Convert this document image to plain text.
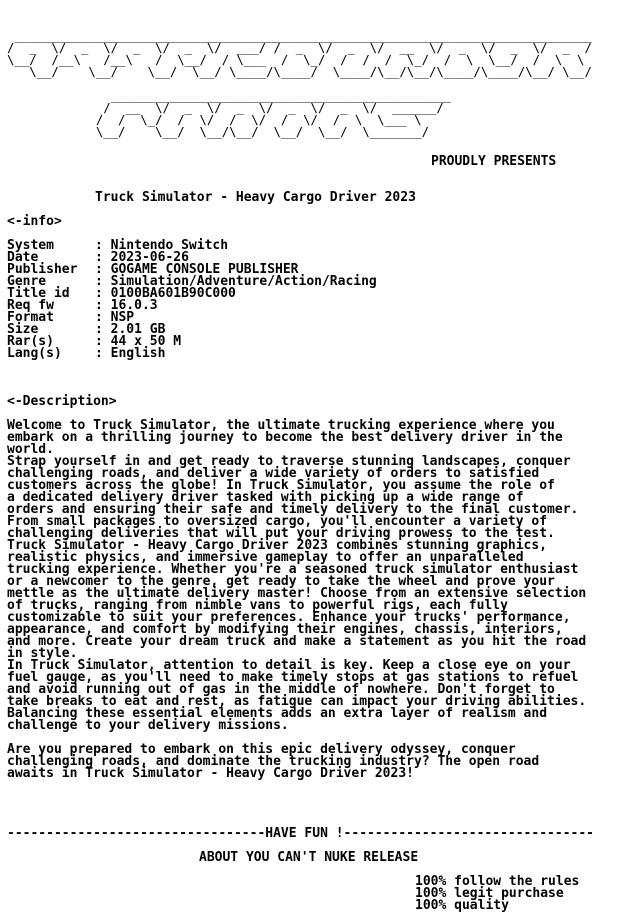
______________________________________________________________________________
/  _  \/  _  \/  _  \/  _  \/  ___/ /  _  \/  _  \/  __  \/  _  \/  _  \/  _  /
\__/  /__\   /__\   /  \__/  / \___  /  \_/  /  /  /  \_/  /  \  \__/  /  \  \
\__/    \__/    \__/  \__/ \____/\____/  \____/\__/\__/\____/\____/\__/ \__/

______________________________________________
/  __  \/  _  \/  _  \/  _  \/  _  \/  ______/
/  /  \_/  /  \/  /  \/  /  \/  /  \  \___ \
\__/    \__/  \__/\__/  \__/  \__/  \_______/
PROUDLY PRESENTS
Truck Simulator - Heavy Cargo Driver 2023
<-info>
System	: Nintendo Switch
Date	: 2023-06-26
Publisher : GOGAME CONSOLE PUBLISHER
Genre	: Simulation/Adventure/Action/Racing
Title id : 0100BA601B90C000
Req fw	: 16.0.3
Format	: NSP
Size	: 2.01 GB
Rar(s)	: 44 x 50 M
Lang(s)	: English
<-Description>
Welcome to Truck Simulator, the ultimate trucking experience where you
embark on a thrilling journey to become the best delivery driver in the
world.
Strap yourself in and get ready to traverse stunning landscapes, conquer
challenging roads, and deliver a wide variety of orders to satisfied
customers across the globe! In Truck Simulator, you assume the role of
a dedicated delivery driver tasked with picking up a wide range of
orders and ensuring their safe and timely delivery to the final customer.
From small packages to oversized cargo, you'll encounter a variety of
challenging deliveries that will put your driving prowess to the test.
Truck Simulator - Heavy Cargo Driver 2023 combines stunning graphics,
realistic physics, and immersive gameplay to offer an unparalleled
trucking experience. Whether you're a seasoned truck simulator enthusiast
or a newcomer to the genre, get ready to take the wheel and prove your
mettle as the ultimate delivery master! Choose from an extensive selection
of trucks, ranging from nimble vans to powerful rigs, each fully
customizable to suit your preferences. Enhance your trucks' performance,
appearance, and comfort by modifying their engines, chassis, interiors,
and more. Create your dream truck and make a statement as you hit the road
in style.
In Truck Simulator, attention to detail is key. Keep a close eye on your
fuel gauge, as you'll need to make timely stops at gas stations to refuel
and avoid running out of gas in the middle of nowhere. Don't forget to
take breaks to eat and rest, as fatigue can impact your driving abilities.
Balancing these essential elements adds an extra layer of realism and
challenge to your delivery missions.
Are you prepared to embark on this epic delivery odyssey, conquer
challenging roads, and dominate the trucking industry? The open road
awaits in Truck Simulator - Heavy Cargo Driver 2023!
---------------------------------HAVE FUN !--------------------------------
ABOUT YOU CAN'T NUKE RELEASE
100% follow the rules
100% legit purchase
100% quality
